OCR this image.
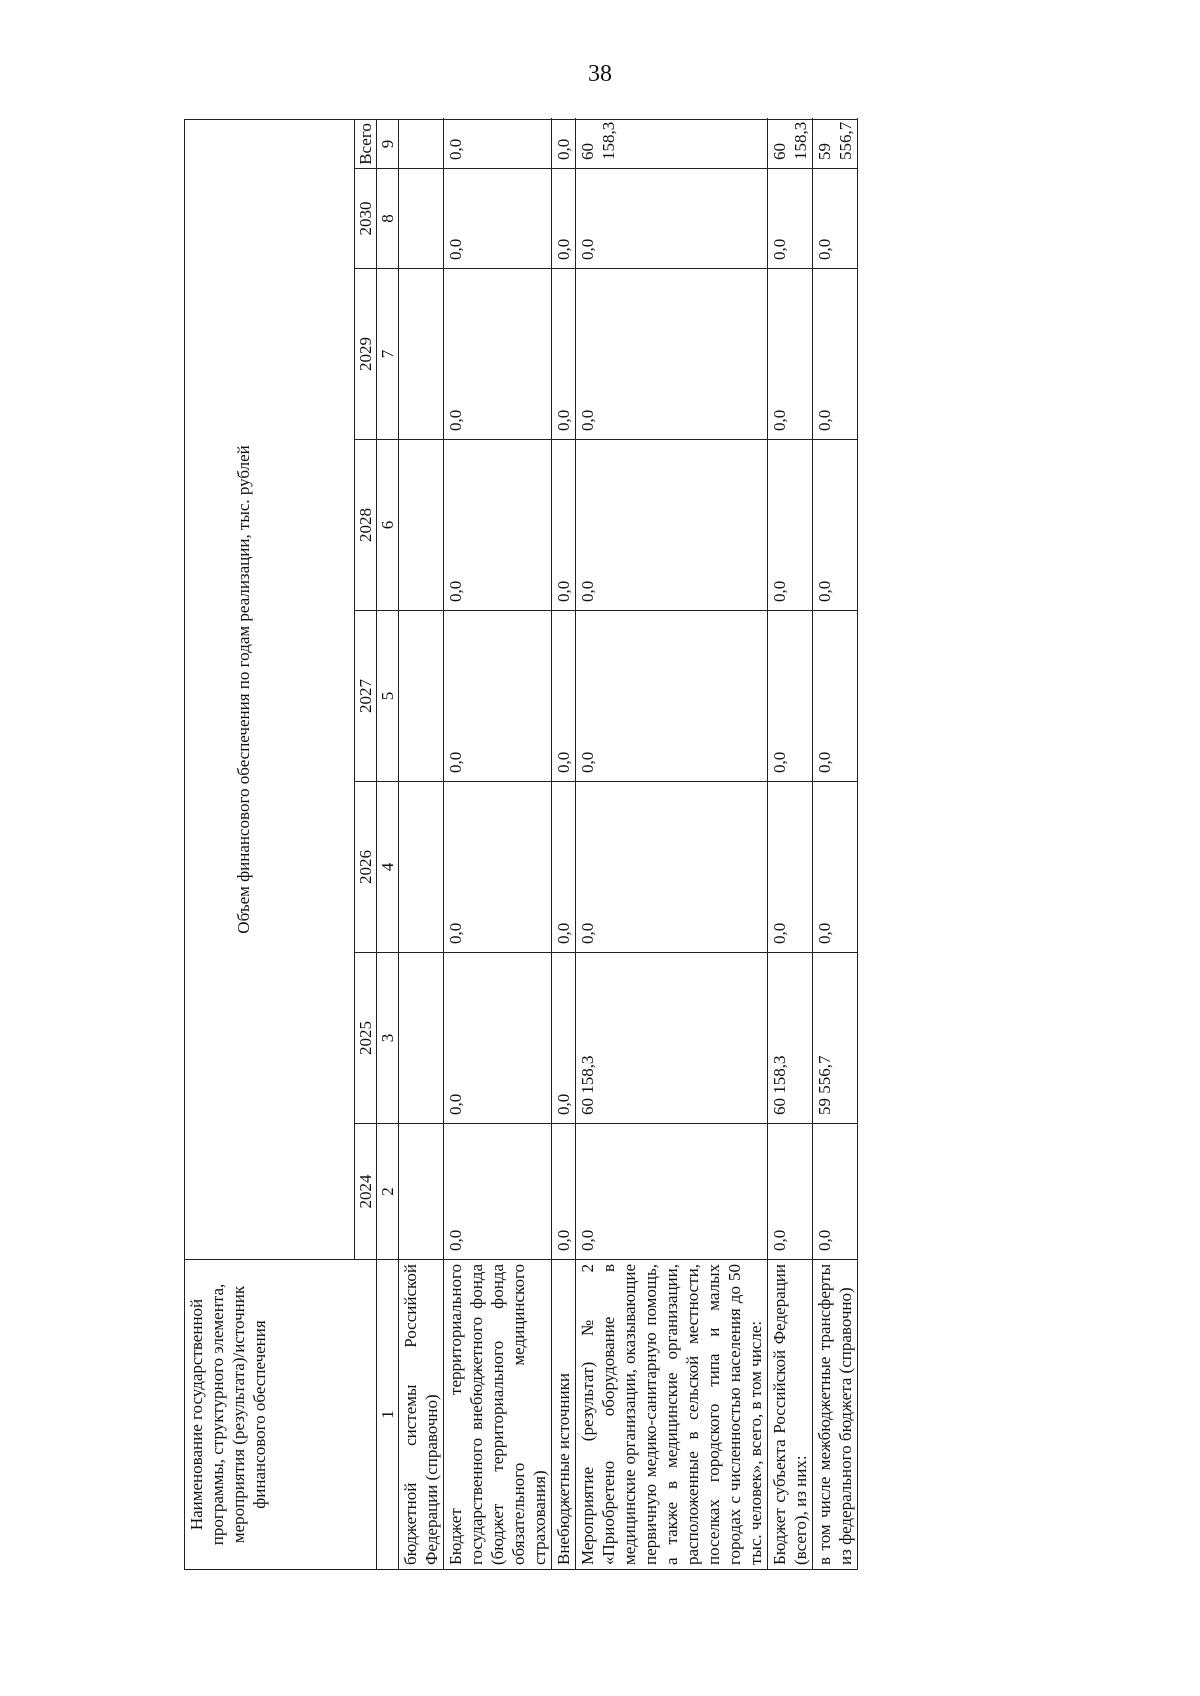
38
Наименование государственной программы, структурного элемента, мероприятия (результата)/источник финансового обеспечения	Объем финансового обеспечения по годам реализации, тыс. рублей							
	2024	2025	2026	2027	2028	2029	2030	Всего
1	2	3	4	5	6	7	8	9
бюджетной системы Российской Федерации (справочно)								
Бюджет территориального государственного внебюджетного фонда (бюджет территориального фонда обязательного медицинского страхования)	0,0	0,0	0,0	0,0	0,0	0,0	0,0	0,0
Внебюджетные источники	0,0	0,0	0,0	0,0	0,0	0,0	0,0	0,0
Мероприятие (результат) № 2 «Приобретено оборудование в медицинские организации, оказывающие первичную медико-санитарную помощь, а также в медицинские организации, расположенные в сельской местности, поселках городского типа и малых городах с численностью населения до 50 тыс. человек», всего, в том числе:	0,0	60 158,3	0,0	0,0	0,0	0,0	0,0	60 158,3
Бюджет субъекта Российской Федерации (всего), из них:	0,0	60 158,3	0,0	0,0	0,0	0,0	0,0	60 158,3
в том числе межбюджетные трансферты из федерального бюджета (справочно)	0,0	59 556,7	0,0	0,0	0,0	0,0	0,0	59 556,7
